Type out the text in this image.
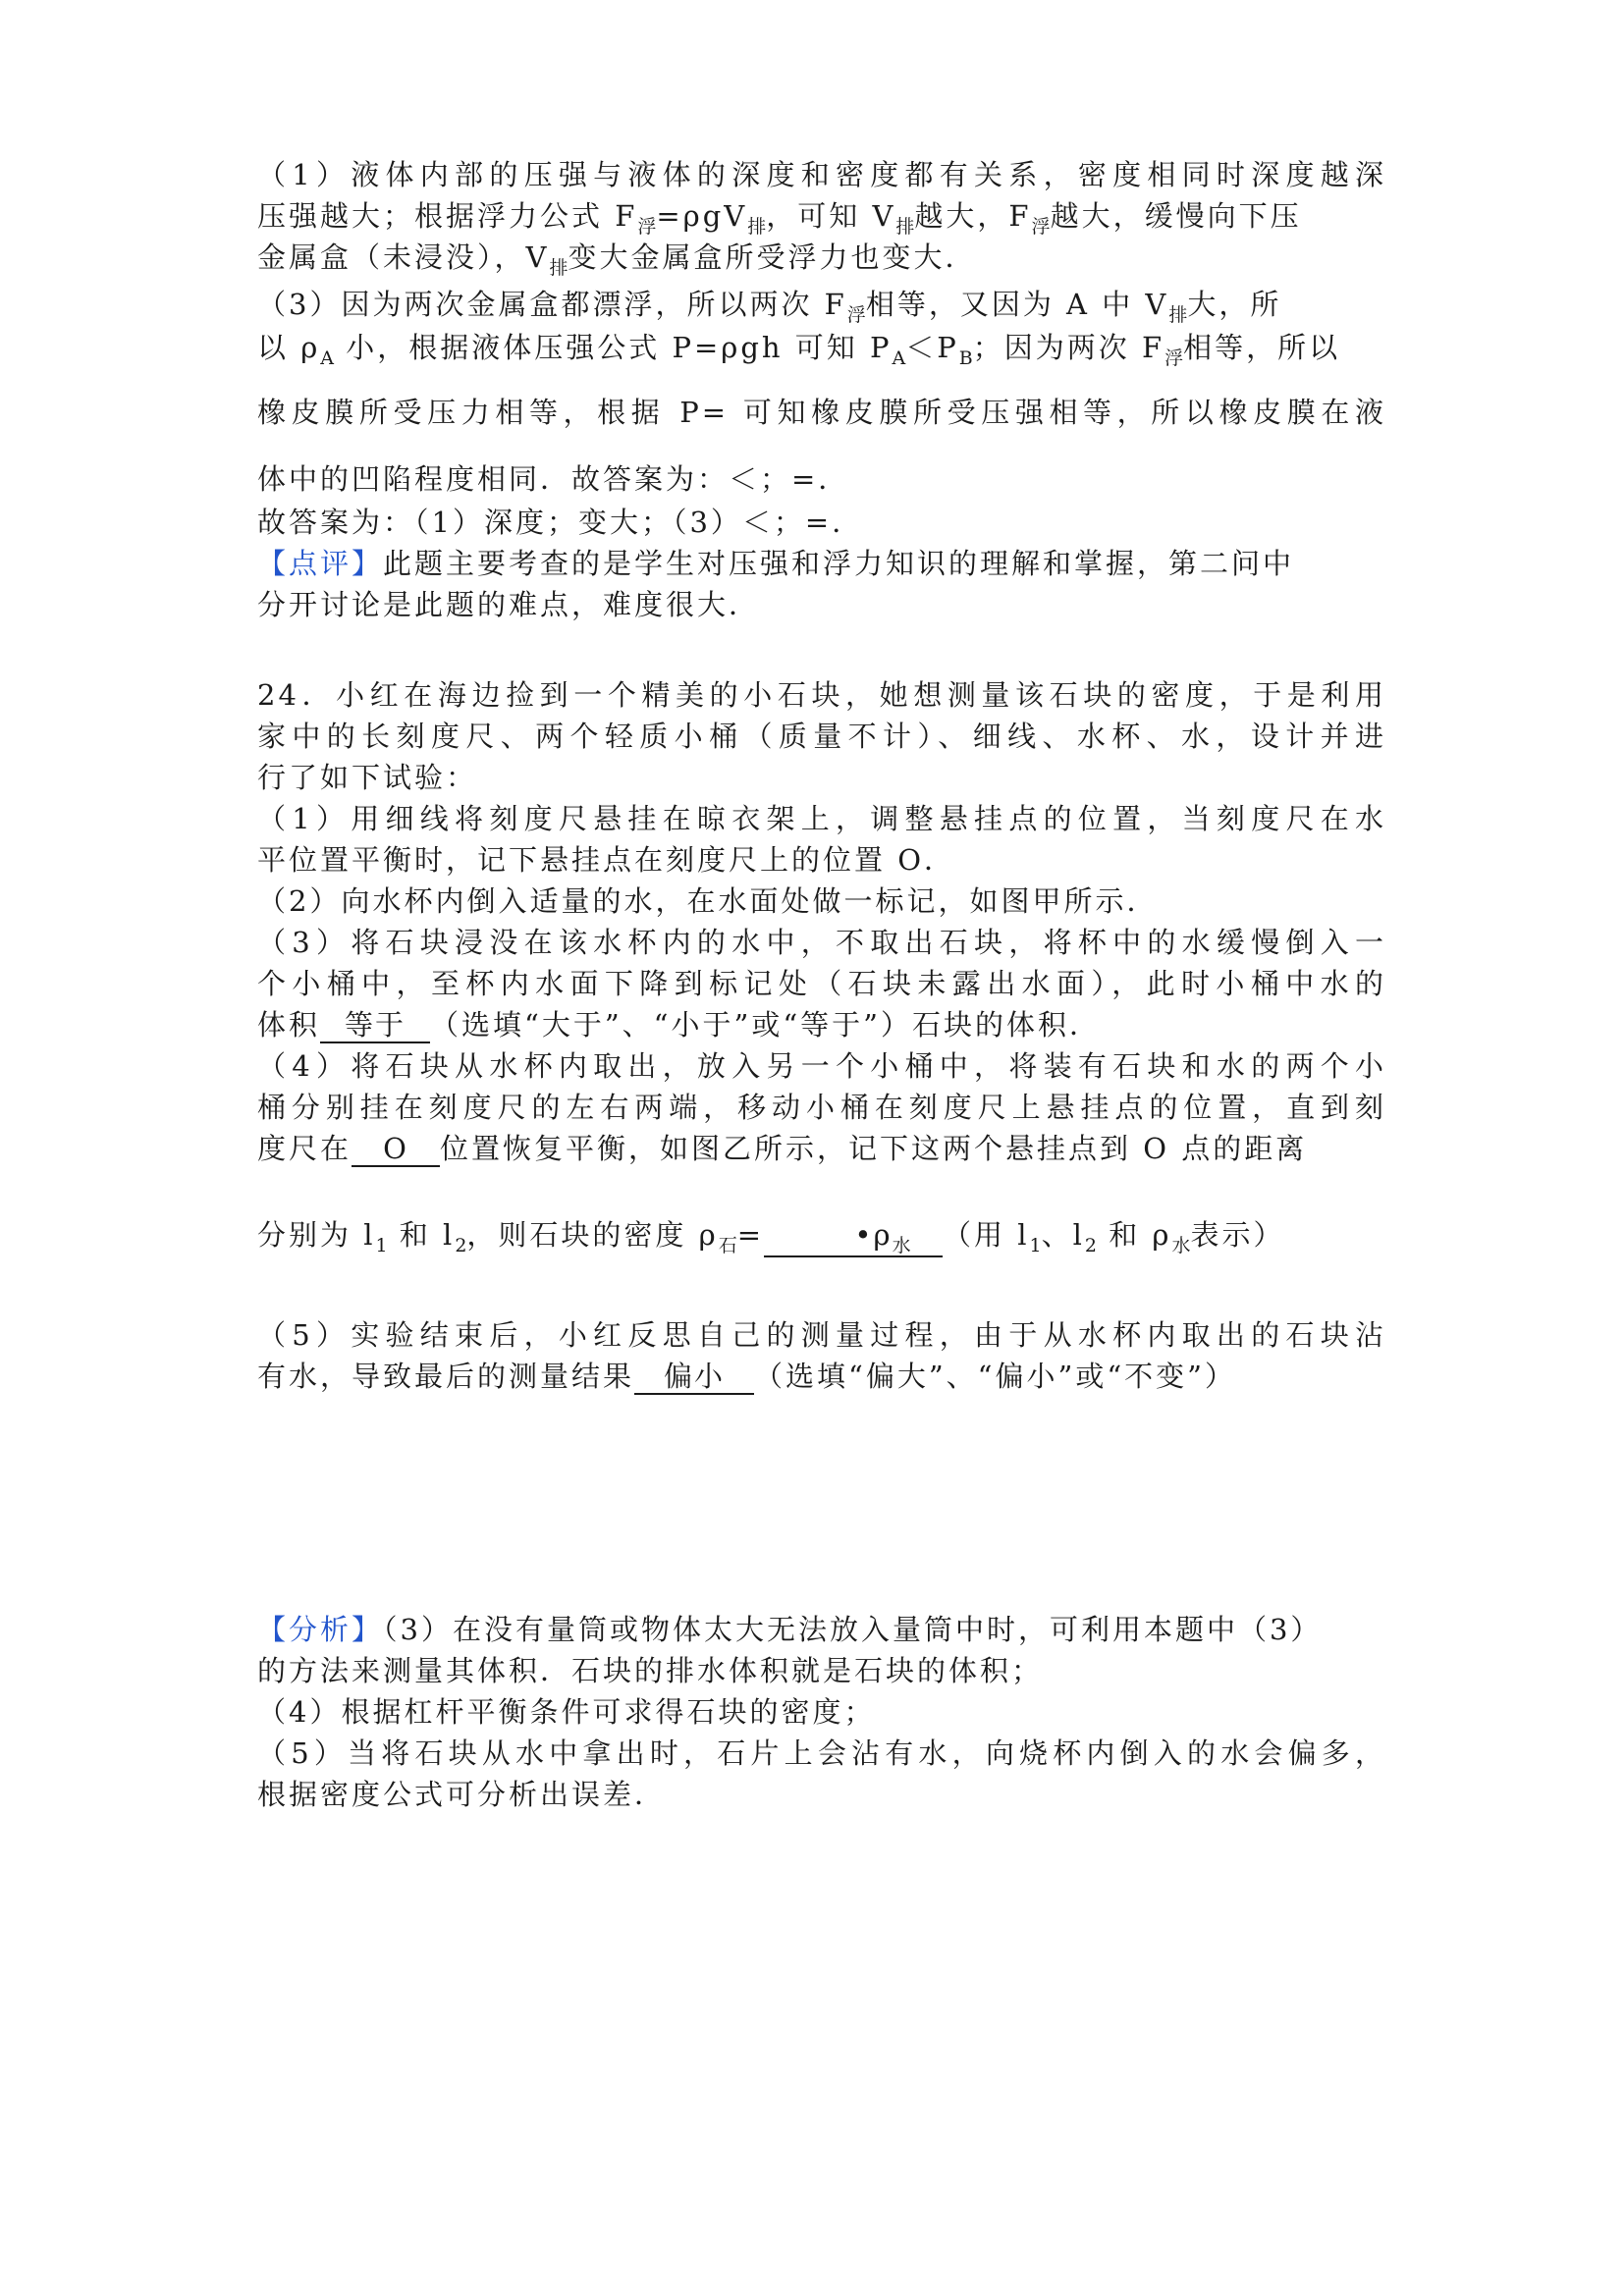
（1）液体内部的压强与液体的深度和密度都有关系，密度相同时深度越深
压强越大；根据浮力公式 $F_浮=\rho gV_排$，可知 $V_排$越大，$F_浮$越大，缓慢向下压
金属盒（未浸没），$V_排$变大金属盒所受浮力也变大．
（3）因为两次金属盒都漂浮，所以两次 $F_浮$相等，又因为 A 中 $V_排$大，所
以 $\rho_A$ 小，根据液体压强公式 P=ρgh 可知 $P_A<P_B$；因为两次 $F_浮$相等，所以
橡皮膜所受压力相等，根据 P= 可知橡皮膜所受压强相等，所以橡皮膜在液
体中的凹陷程度相同．故答案为：＜；=．
故答案为：（1）深度；变大；（3）＜；=．
【点评】此题主要考查的是学生对压强和浮力知识的理解和掌握，第二问中
分开讨论是此题的难点，难度很大．
24．小红在海边捡到一个精美的小石块，她想测量该石块的密度，于是利用
家中的长刻度尺、两个轻质小桶（质量不计）、细线、水杯、水，设计并进
行了如下试验：
（1）用细线将刻度尺悬挂在晾衣架上，调整悬挂点的位置，当刻度尺在水
平位置平衡时，记下悬挂点在刻度尺上的位置 O．
（2）向水杯内倒入适量的水，在水面处做一标记，如图甲所示．
（3）将石块浸没在该水杯内的水中，不取出石块，将杯中的水缓慢倒入一
个小桶中，至杯内水面下降到标记处（石块未露出水面），此时小桶中水的
体积 等于 （选填“大于”、“小于”或“等于”）石块的体积．
（4）将石块从水杯内取出，放入另一个小桶中，将装有石块和水的两个小
桶分别挂在刻度尺的左右两端，移动小桶在刻度尺上悬挂点的位置，直到刻
度尺在 O 位置恢复平衡，如图乙所示，记下这两个悬挂点到 O 点的距离
分别为 $l_1$ 和 $l_2$，则石块的密度 $\rho_石=$	$•\rho_水$ （用 $l_1$、$l_2$ 和 $\rho_水$表示）
（5）实验结束后，小红反思自己的测量过程，由于从水杯内取出的石块沾
有水，导致最后的测量结果 偏小 （选填“偏大”、“偏小”或“不变”）
【分析】（3）在没有量筒或物体太大无法放入量筒中时，可利用本题中（3）
的方法来测量其体积．石块的排水体积就是石块的体积；
（4）根据杠杆平衡条件可求得石块的密度；
（5）当将石块从水中拿出时，石片上会沾有水，向烧杯内倒入的水会偏多，
根据密度公式可分析出误差．
